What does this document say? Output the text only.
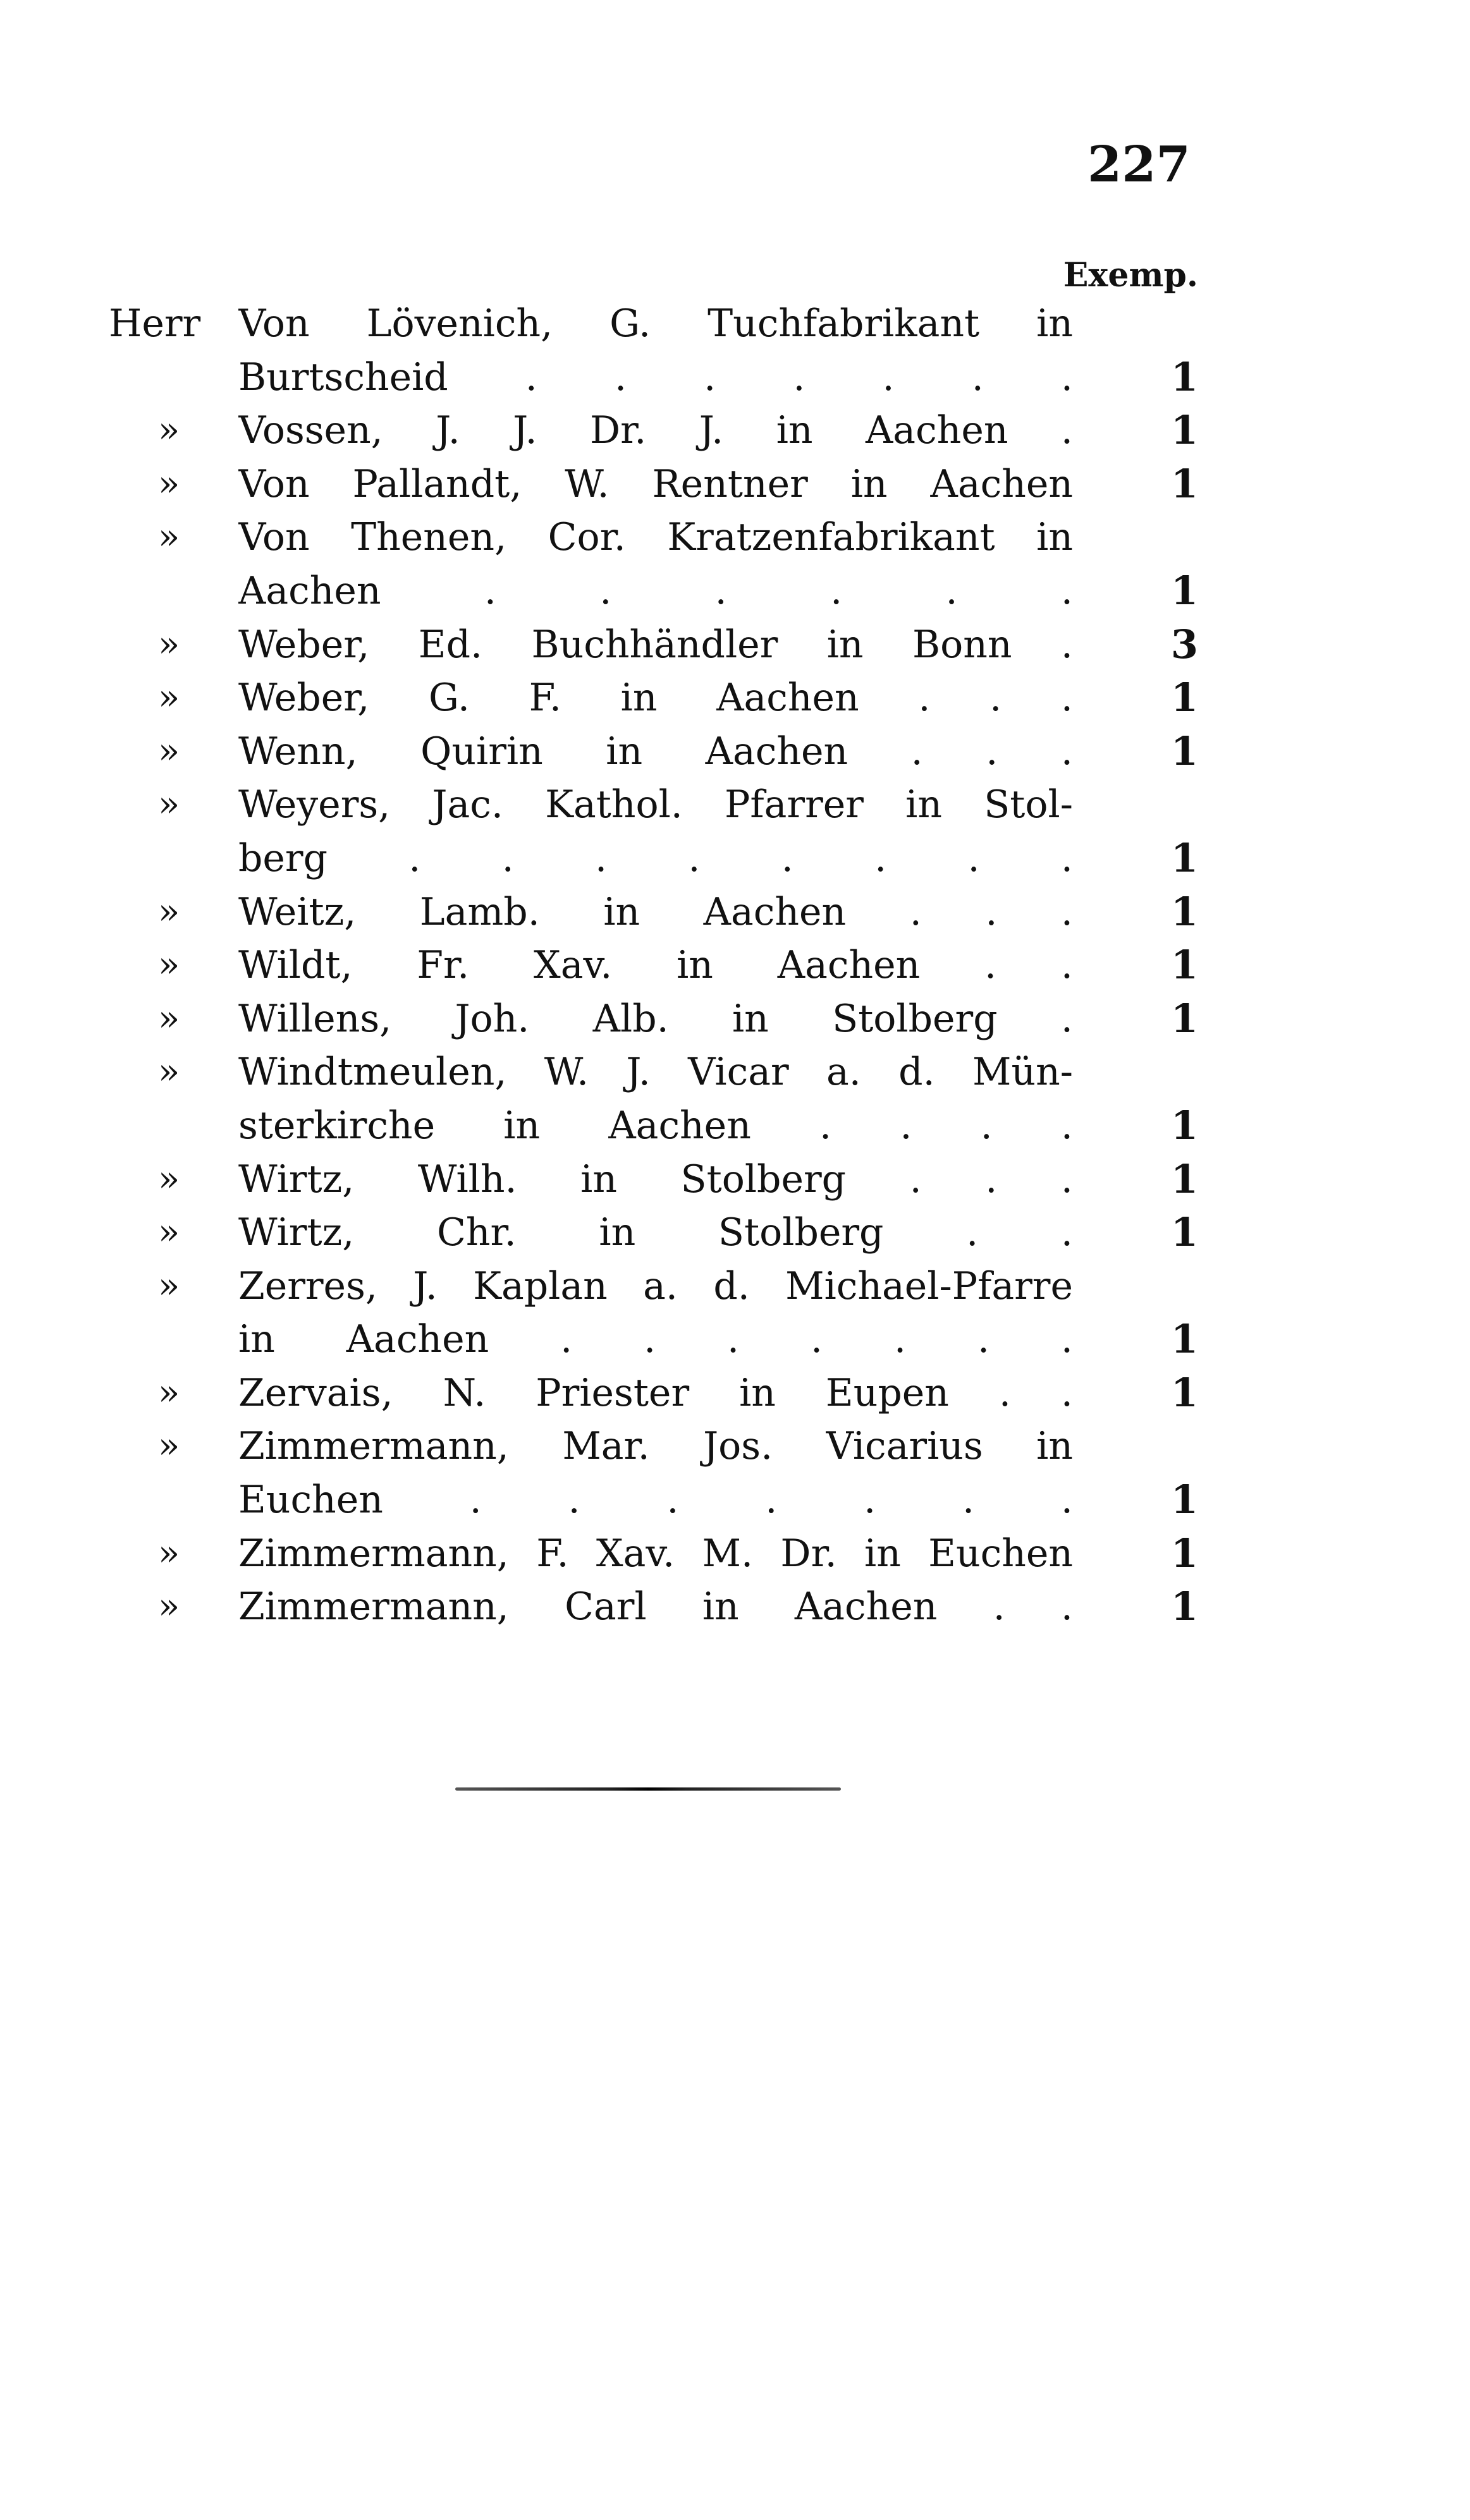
227
Exemp.
Herr Von Lövenich, G. Tuchfabrikant in
Burtscheid . . . . . . . 1
» Vossen, J. J. Dr. J. in Aachen . 1
» Von Pallandt, W. Rentner in Aachen 1
» Von Thenen, Cor. Kratzenfabrikant in
Aachen . . . . . . 1
» Weber, Ed. Buchhändler in Bonn . 3
» Weber, G. F. in Aachen . . . 1
» Wenn, Quirin in Aachen . . . 1
» Weyers, Jac. Kathol. Pfarrer in Stol-
berg . . . . . . . . 1
» Weitz, Lamb. in Aachen . . . 1
» Wildt, Fr. Xav. in Aachen . . 1
» Willens, Joh. Alb. in Stolberg . 1
» Windtmeulen, W. J. Vicar a. d. Mün-
sterkirche in Aachen . . . . 1
» Wirtz, Wilh. in Stolberg . . . 1
» Wirtz, Chr. in Stolberg . . 1
» Zerres, J. Kaplan a. d. Michael-Pfarre
in Aachen . . . . . . . 1
» Zervais, N. Priester in Eupen . . 1
» Zimmermann, Mar. Jos. Vicarius in
Euchen . . . . . . . 1
» Zimmermann, F. Xav. M. Dr. in Euchen 1
» Zimmermann, Carl in Aachen . . 1
